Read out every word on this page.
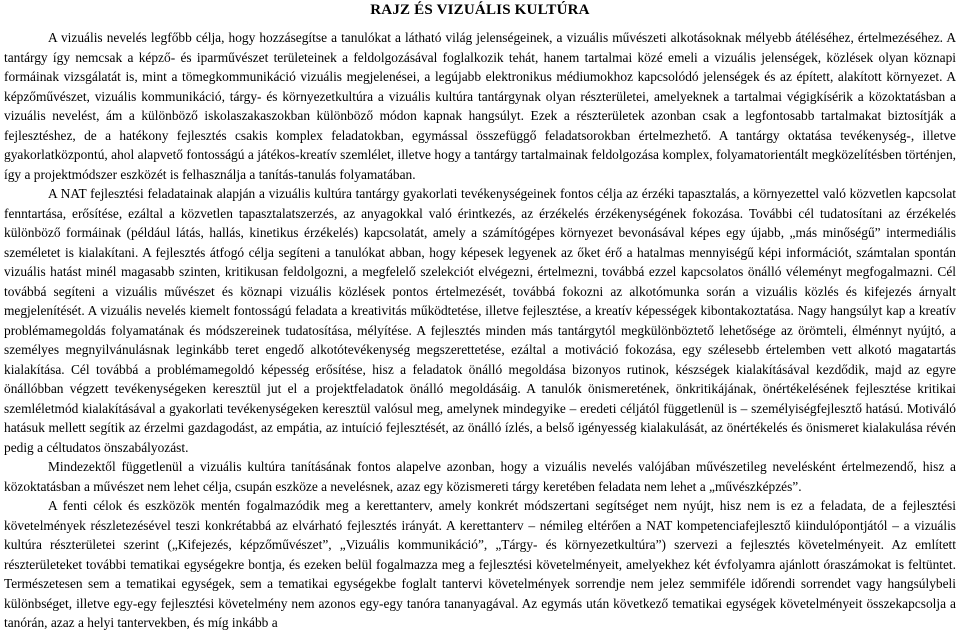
RAJZ ÉS VIZUÁLIS KULTÚRA

A vizuális nevelés legfőbb célja, hogy hozzásegítse a tanulókat a látható világ jelenségeinek, a vizuális művészeti alkotásoknak mélyebb átéléséhez, értelmezéséhez. A tantárgy így nemcsak a képző- és iparművészet területeinek a feldolgozásával foglalkozik tehát, hanem tartalmai közé emeli a vizuális jelenségek, közlések olyan köznapi formáinak vizsgálatát is, mint a tömegkommunikáció vizuális megjelenései, a legújabb elektronikus médiumokhoz kapcsolódó jelenségek és az épített, alakított környezet. A képzőművészet, vizuális kommunikáció, tárgy- és környezetkultúra a vizuális kultúra tantárgynak olyan részterületei, amelyeknek a tartalmai végigkísérik a közoktatásban a vizuális nevelést, ám a különböző iskolaszakaszokban különböző módon kapnak hangsúlyt. Ezek a részterületek azonban csak a legfontosabb tartalmakat biztosítják a fejlesztéshez, de a hatékony fejlesztés csakis komplex feladatokban, egymással összefüggő feladatsorokban értelmezhető. A tantárgy oktatása tevékenység-, illetve gyakorlatközpontú, ahol alapvető fontosságú a játékos-kreatív szemlélet, illetve hogy a tantárgy tartalmainak feldolgozása komplex, folyamatorientált megközelítésben történjen, így a projektmódszer eszközét is felhasználja a tanítás-tanulás folyamatában.

A NAT fejlesztési feladatainak alapján a vizuális kultúra tantárgy gyakorlati tevékenységeinek fontos célja az érzéki tapasztalás, a környezettel való közvetlen kapcsolat fenntartása, erősítése, ezáltal a közvetlen tapasztalatszerzés, az anyagokkal való érintkezés, az érzékelés érzékenységének fokozása. További cél tudatosítani az érzékelés különböző formáinak (például látás, hallás, kinetikus érzékelés) kapcsolatát, amely a számítógépes környezet bevonásával képes egy újabb, „más minőségű” intermediális személetet is kialakítani. A fejlesztés átfogó célja segíteni a tanulókat abban, hogy képesek legyenek az őket érő a hatalmas mennyiségű képi információt, számtalan spontán vizuális hatást minél magasabb szinten, kritikusan feldolgozni, a megfelelő szelekciót elvégezni, értelmezni, továbbá ezzel kapcsolatos önálló véleményt megfogalmazni. Cél továbbá segíteni a vizuális művészet és köznapi vizuális közlések pontos értelmezését, továbbá fokozni az alkotómunka során a vizuális közlés és kifejezés árnyalt megjelenítését. A vizuális nevelés kiemelt fontosságú feladata a kreativitás működtetése, illetve fejlesztése, a kreatív képességek kibontakoztatása. Nagy hangsúlyt kap a kreatív problémamegoldás folyamatának és módszereinek tudatosítása, mélyítése. A fejlesztés minden más tantárgytól megkülönböztető lehetősége az örömteli, élménnyt nyújtó, a személyes megnyilvánulásnak leginkább teret engedő alkotótevékenység megszerettetése, ezáltal a motiváció fokozása, egy szélesebb értelemben vett alkotó magatartás kialakítása. Cél továbbá a problémamegoldó képesség erősítése, hisz a feladatok önálló megoldása bizonyos rutinok, készségek kialakításával kezdődik, majd az egyre önállóbban végzett tevékenységeken keresztül jut el a projektfeladatok önálló megoldásáig. A tanulók önismeretének, önkritikájának, önértékelésének fejlesztése kritikai szemléletmód kialakításával a gyakorlati tevékenységeken keresztül valósul meg, amelynek mindegyike – eredeti céljától függetlenül is – személyiségfejlesztő hatású. Motiváló hatásuk mellett segítik az érzelmi gazdagodást, az empátia, az intuíció fejlesztését, az önálló ízlés, a belső igényesség kialakulását, az önértékelés és önismeret kialakulása révén pedig a céltudatos önszabályozást.

Mindezektől függetlenül a vizuális kultúra tanításának fontos alapelve azonban, hogy a vizuális nevelés valójában művészetileg nevelésként értelmezendő, hisz a közoktatásban a művészet nem lehet célja, csupán eszköze a nevelésnek, azaz egy közismereti tárgy keretében feladata nem lehet a „művészképzés”.

A fenti célok és eszközök mentén fogalmazódik meg a kerettanterv, amely konkrét módszertani segítséget nem nyújt, hisz nem is ez a feladata, de a fejlesztési követelmények részletezésével teszi konkrétabbá az elvárható fejlesztés irányát. A kerettanterv – némileg eltérően a NAT kompetenciafejlesztő kiindulópontjától – a vizuális kultúra részterületei szerint („Kifejezés, képzőművészet”, „Vizuális kommunikáció”, „Tárgy- és környezetkultúra”) szervezi a fejlesztés követelményeit. Az említett részterületeket további tematikai egységekre bontja, és ezeken belül fogalmazza meg a fejlesztési követelményeit, amelyekhez két évfolyamra ajánlott óraszámokat is feltüntet. Természetesen sem a tematikai egységek, sem a tematikai egységekbe foglalt tantervi követelmények sorrendje nem jelez semmiféle időrendi sorrendet vagy hangsúlybeli különbséget, illetve egy-egy fejlesztési követelmény nem azonos egy-egy tanóra tananyagával. Az egymás után következő tematikai egységek követelményeit összekapcsolja a tanórán, azaz a helyi tantervekben, és míg inkább a
